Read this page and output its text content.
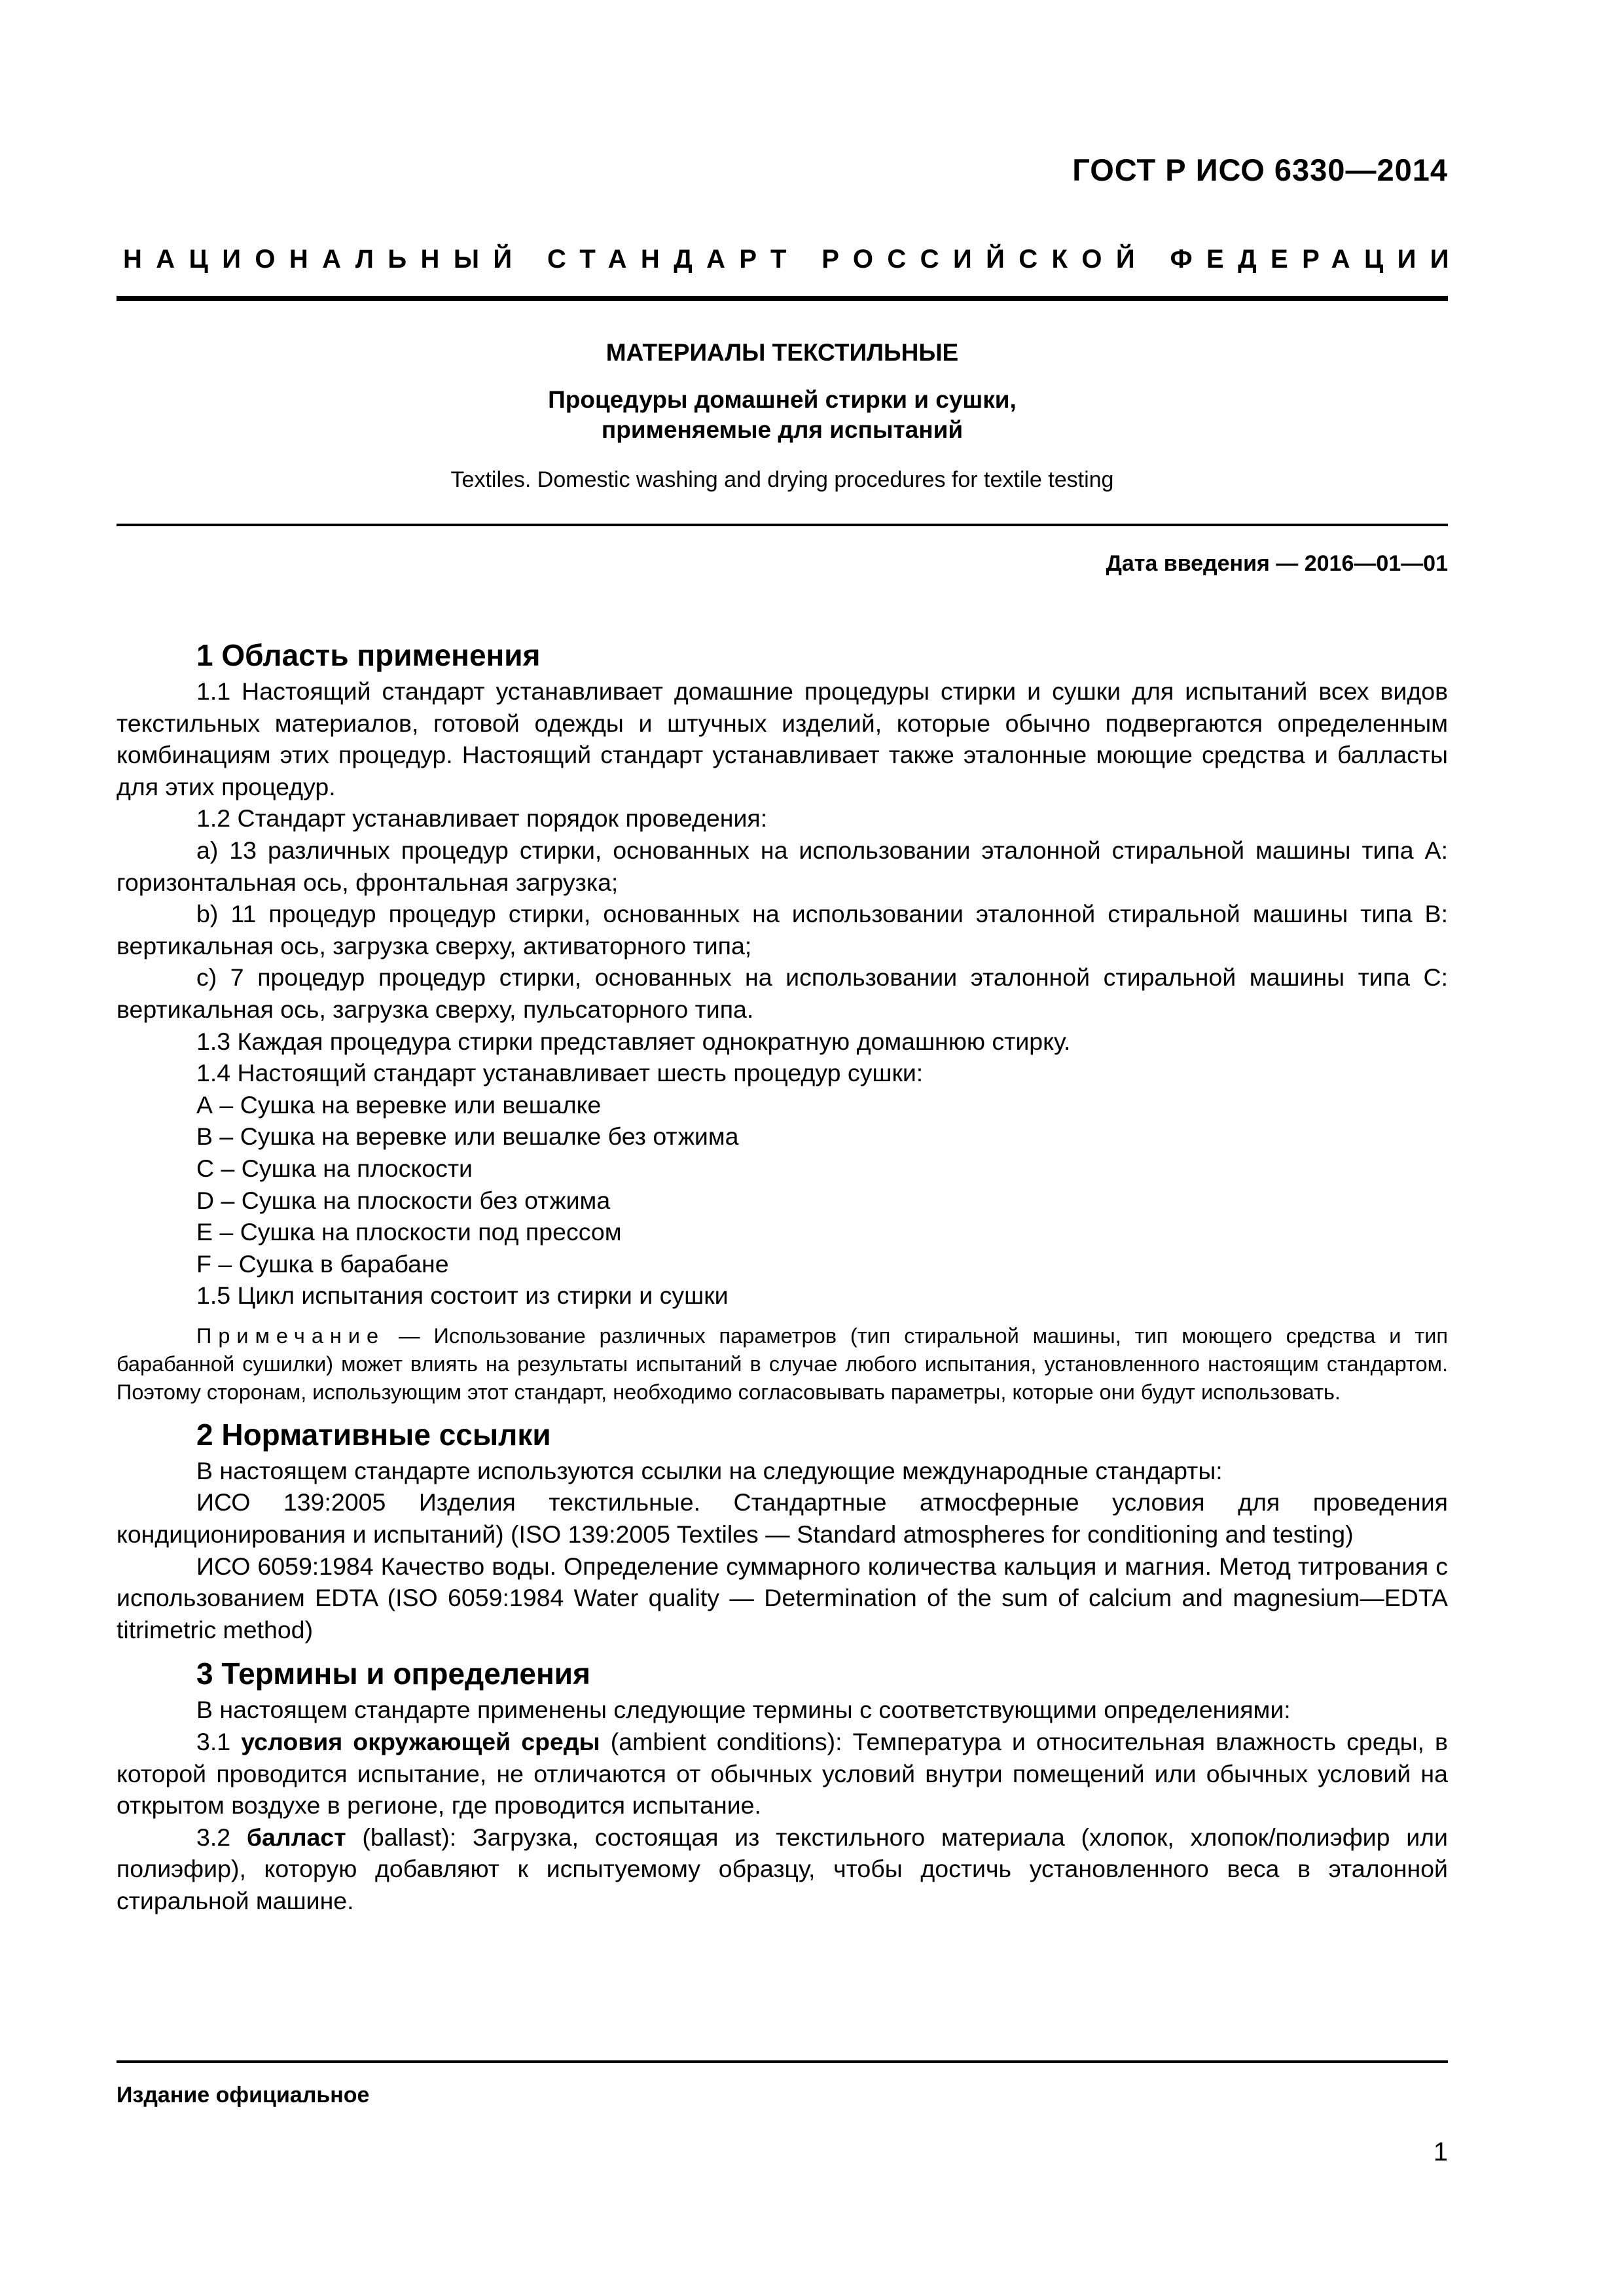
ГОСТ Р ИСО 6330—2014
НАЦИОНАЛЬНЫЙ СТАНДАРТ РОССИЙСКОЙ ФЕДЕРАЦИИ
МАТЕРИАЛЫ ТЕКСТИЛЬНЫЕ
Процедуры домашней стирки и сушки,
применяемые для испытаний
Textiles. Domestic washing and drying procedures for textile testing
Дата введения — 2016—01—01
1 Область применения

1.1 Настоящий стандарт устанавливает домашние процедуры стирки и сушки для испытаний всех видов текстильных материалов, готовой одежды и штучных изделий, которые обычно подвергаются определенным комбинациям этих процедур. Настоящий стандарт устанавливает также эталонные моющие средства и балласты для этих процедур.

1.2 Стандарт устанавливает порядок проведения:

a) 13 различных процедур стирки, основанных на использовании эталонной стиральной машины типа А: горизонтальная ось, фронтальная загрузка;

b) 11 процедур процедур стирки, основанных на использовании эталонной стиральной машины типа В: вертикальная ось, загрузка сверху, активаторного типа;

c) 7 процедур процедур стирки, основанных на использовании эталонной стиральной машины типа С: вертикальная ось, загрузка сверху, пульсаторного типа.

1.3 Каждая процедура стирки представляет однократную домашнюю стирку.

1.4 Настоящий стандарт устанавливает шесть процедур сушки:

А – Сушка на веревке или вешалке
В – Сушка на веревке или вешалке без отжима
С – Сушка на плоскости
D – Сушка на плоскости без отжима
E – Сушка на плоскости под прессом
F – Сушка в барабане

1.5 Цикл испытания состоит из стирки и сушки

Примечание — Использование различных параметров (тип стиральной машины, тип моющего средства и тип барабанной сушилки) может влиять на результаты испытаний в случае любого испытания, установленного настоящим стандартом. Поэтому сторонам, использующим этот стандарт, необходимо согласовывать параметры, которые они будут использовать.

2 Нормативные ссылки

В настоящем стандарте используются ссылки на следующие международные стандарты:

ИСО 139:2005 Изделия текстильные. Стандартные атмосферные условия для проведения кондиционирования и испытаний) (ISO 139:2005 Textiles — Standard atmospheres for conditioning and testing)

ИСО 6059:1984 Качество воды. Определение суммарного количества кальция и магния. Метод титрования с использованием EDTA (ISO 6059:1984 Water quality — Determination of the sum of calcium and magnesium—EDTA titrimetric method)

3 Термины и определения

В настоящем стандарте применены следующие термины с соответствующими определениями:

3.1 условия окружающей среды (ambient conditions): Температура и относительная влажность среды, в которой проводится испытание, не отличаются от обычных условий внутри помещений или обычных условий на открытом воздухе в регионе, где проводится испытание.

3.2 балласт (ballast): Загрузка, состоящая из текстильного материала (хлопок, хлопок/полиэфир или полиэфир), которую добавляют к испытуемому образцу, чтобы достичь установленного веса в эталонной стиральной машине.

Издание официальное
1
